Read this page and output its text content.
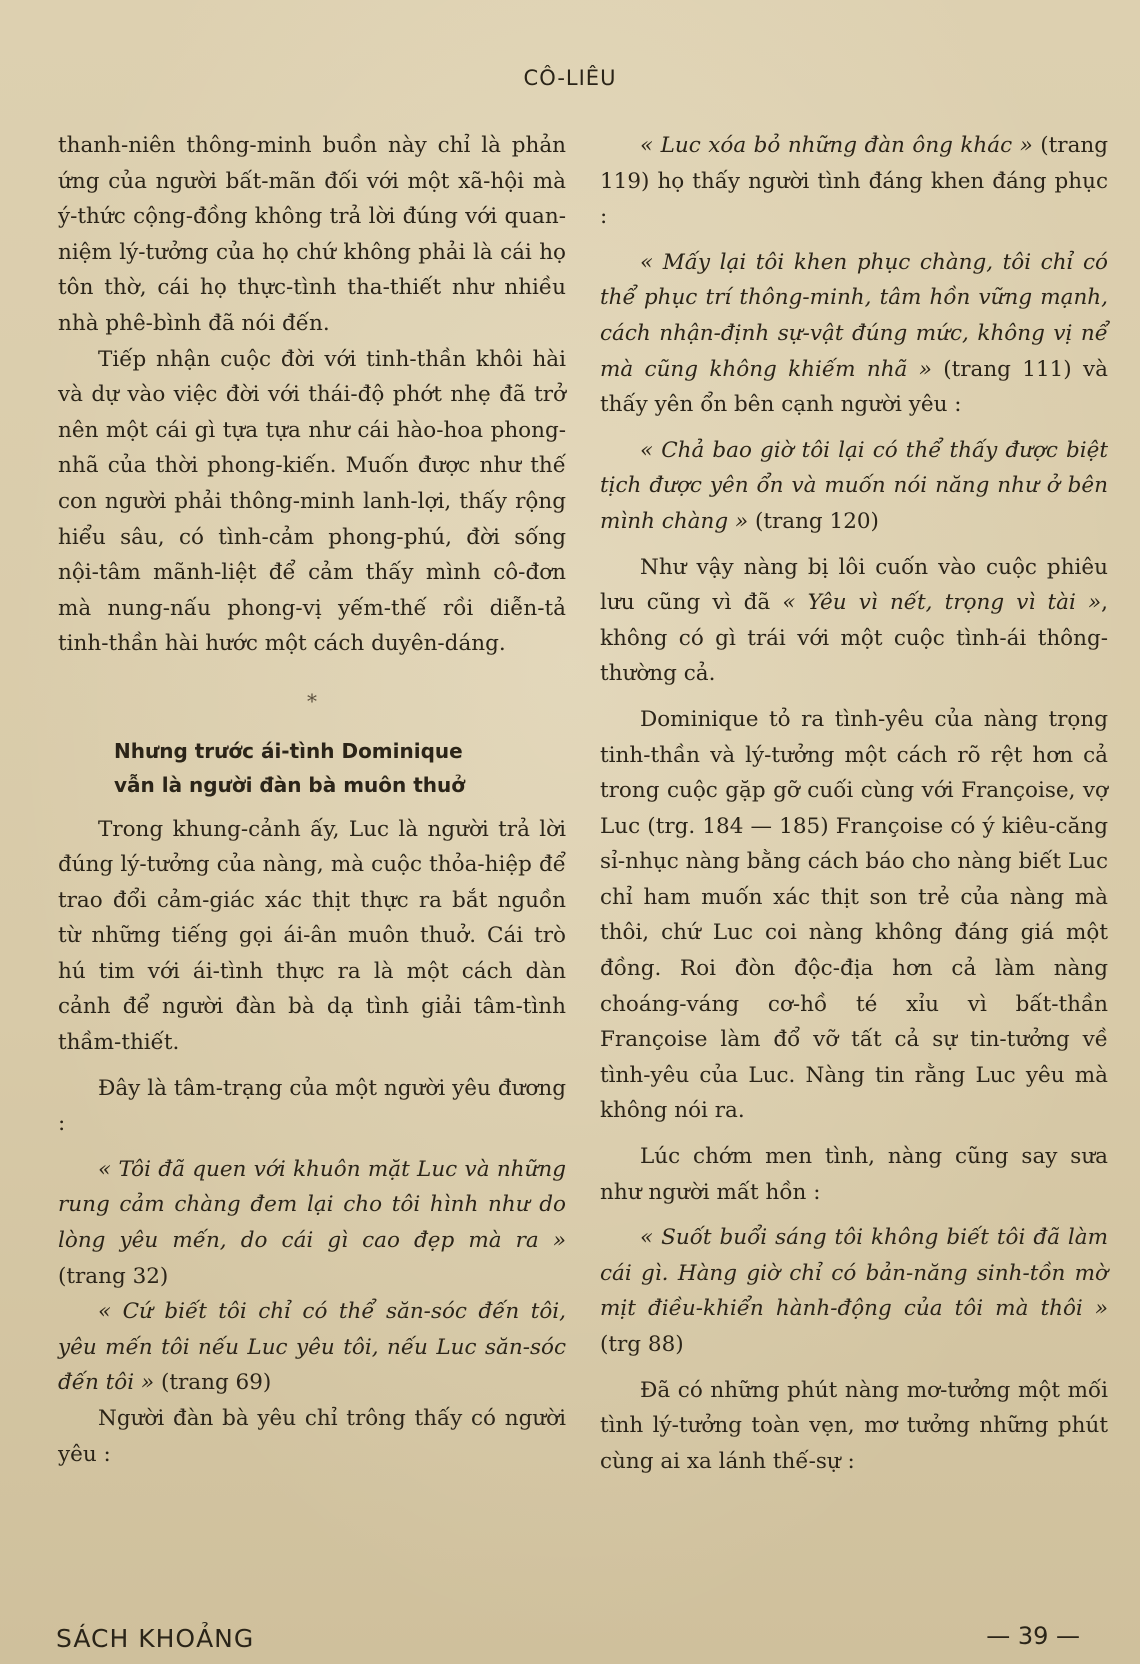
CÔ-LIÊU

thanh-niên thông-minh buồn này chỉ là phản ứng của người bất-mãn đối với một xã-hội mà ý-thức cộng-đồng không trả lời đúng với quan-niệm lý-tưởng của họ chứ không phải là cái họ tôn thờ, cái họ thực-tình tha-thiết như nhiều nhà phê-bình đã nói đến.

Tiếp nhận cuộc đời với tinh-thần khôi hài và dự vào việc đời với thái-độ phớt nhẹ đã trở nên một cái gì tựa tựa như cái hào-hoa phong-nhã của thời phong-kiến. Muốn được như thế con người phải thông-minh lanh-lợi, thấy rộng hiểu sâu, có tình-cảm phong-phú, đời sống nội-tâm mãnh-liệt để cảm thấy mình cô-đơn mà nung-nấu phong-vị yếm-thế rồi diễn-tả tinh-thần hài hước một cách duyên-dáng.

*
Nhưng trước ái-tình Dominique
vẫn là người đàn bà muôn thuở

Trong khung-cảnh ấy, Luc là người trả lời đúng lý-tưởng của nàng, mà cuộc thỏa-hiệp để trao đổi cảm-giác xác thịt thực ra bắt nguồn từ những tiếng gọi ái-ân muôn thuở. Cái trò hú tim với ái-tình thực ra là một cách dàn cảnh để người đàn bà dạ tình giải tâm-tình thầm-thiết.

Đây là tâm-trạng của một người yêu đương :

« Tôi đã quen với khuôn mặt Luc và những rung cảm chàng đem lại cho tôi hình như do lòng yêu mến, do cái gì cao đẹp mà ra » (trang 32)

« Cứ biết tôi chỉ có thể săn-sóc đến tôi, yêu mến tôi nếu Luc yêu tôi, nếu Luc săn-sóc đến tôi » (trang 69)

Người đàn bà yêu chỉ trông thấy có người yêu :

« Luc xóa bỏ những đàn ông khác » (trang 119) họ thấy người tình đáng khen đáng phục :

« Mấy lại tôi khen phục chàng, tôi chỉ có thể phục trí thông-minh, tâm hồn vững mạnh, cách nhận-định sự-vật đúng mức, không vị nể mà cũng không khiếm nhã » (trang 111) và thấy yên ổn bên cạnh người yêu :

« Chả bao giờ tôi lại có thể thấy được biệt tịch được yên ổn và muốn nói năng như ở bên mình chàng » (trang 120)

Như vậy nàng bị lôi cuốn vào cuộc phiêu lưu cũng vì đã « Yêu vì nết, trọng vì tài », không có gì trái với một cuộc tình-ái thông-thường cả.

Dominique tỏ ra tình-yêu của nàng trọng tinh-thần và lý-tưởng một cách rõ rệt hơn cả trong cuộc gặp gỡ cuối cùng với Françoise, vợ Luc (trg. 184 — 185) Françoise có ý kiêu-căng sỉ-nhục nàng bằng cách báo cho nàng biết Luc chỉ ham muốn xác thịt son trẻ của nàng mà thôi, chứ Luc coi nàng không đáng giá một đồng. Roi đòn độc-địa hơn cả làm nàng choáng-váng cơ-hồ té xỉu vì bất-thần Françoise làm đổ vỡ tất cả sự tin-tưởng về tình-yêu của Luc. Nàng tin rằng Luc yêu mà không nói ra.

Lúc chớm men tình, nàng cũng say sưa như người mất hồn :

« Suốt buổi sáng tôi không biết tôi đã làm cái gì. Hàng giờ chỉ có bản-năng sinh-tồn mờ mịt điều-khiển hành-động của tôi mà thôi » (trg 88)

Đã có những phút nàng mơ-tưởng một mối tình lý-tưởng toàn vẹn, mơ tưởng những phút cùng ai xa lánh thế-sự :

SÁCH KHOẢNG	— 39 —
